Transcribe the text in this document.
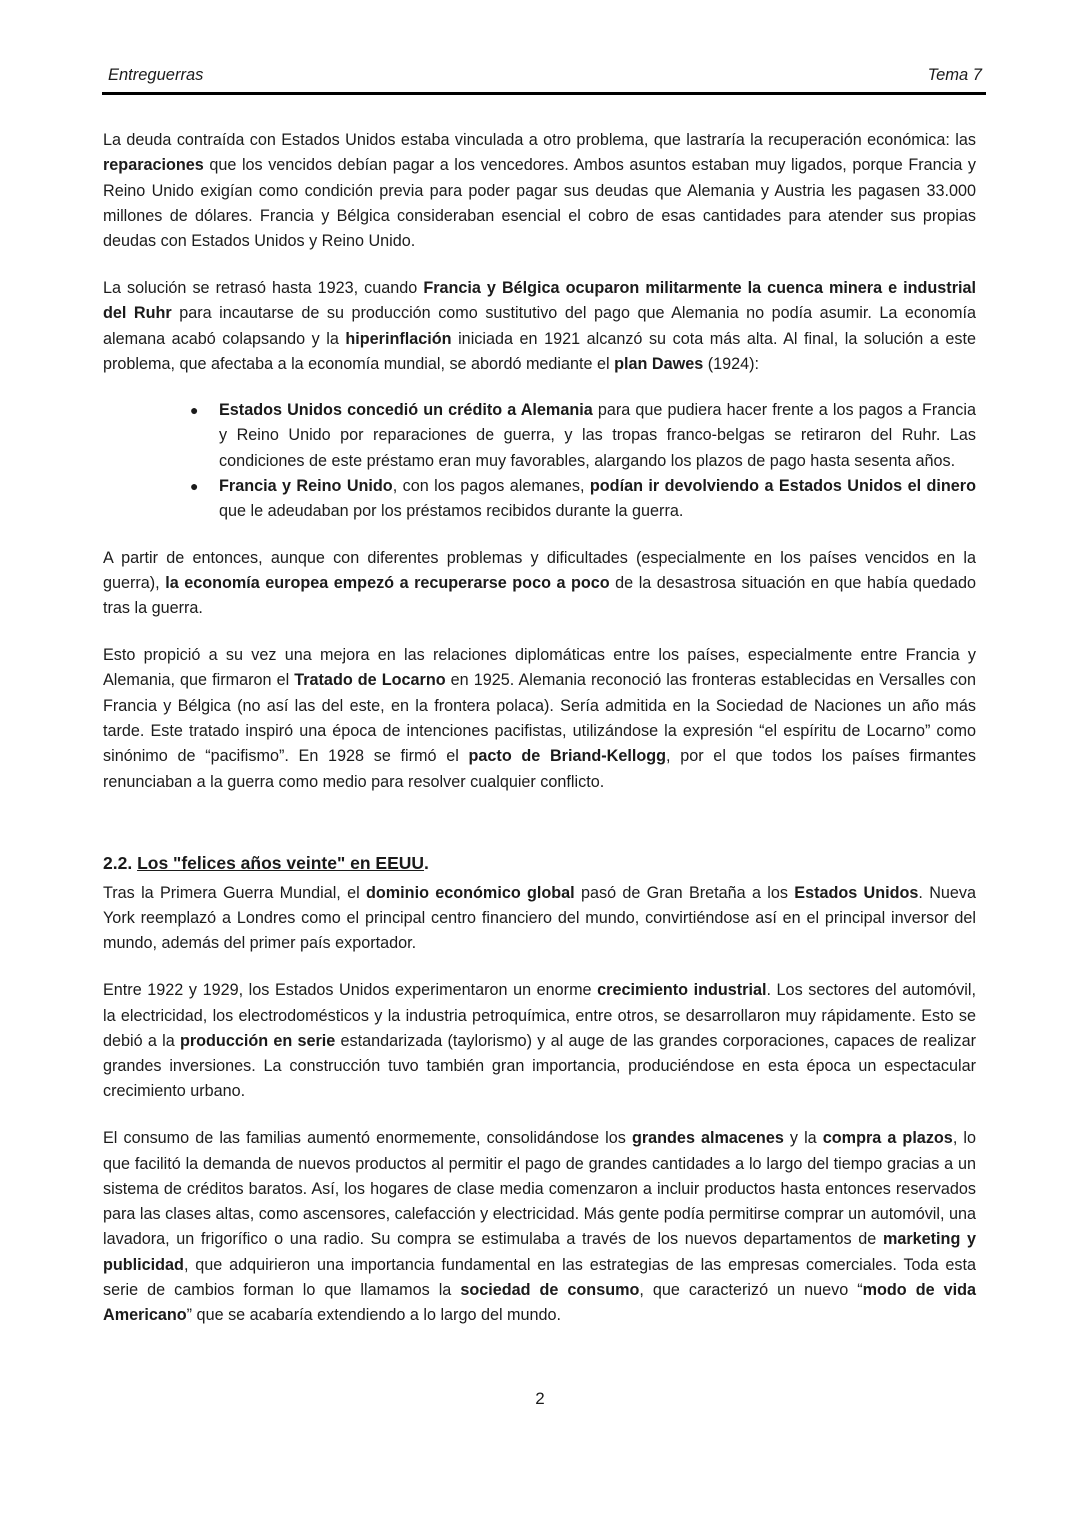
Entreguerras	Tema 7

La deuda contraída con Estados Unidos estaba vinculada a otro problema, que lastraría la recuperación económica: las reparaciones que los vencidos debían pagar a los vencedores. Ambos asuntos estaban muy ligados, porque Francia y Reino Unido exigían como condición previa para poder pagar sus deudas que Alemania y Austria les pagasen 33.000 millones de dólares. Francia y Bélgica consideraban esencial el cobro de esas cantidades para atender sus propias deudas con Estados Unidos y Reino Unido.

La solución se retrasó hasta 1923, cuando Francia y Bélgica ocuparon militarmente la cuenca minera e industrial del Ruhr para incautarse de su producción como sustitutivo del pago que Alemania no podía asumir. La economía alemana acabó colapsando y la hiperinflación iniciada en 1921 alcanzó su cota más alta. Al final, la solución a este problema, que afectaba a la economía mundial, se abordó mediante el plan Dawes (1924):

● Estados Unidos concedió un crédito a Alemania para que pudiera hacer frente a los pagos a Francia y Reino Unido por reparaciones de guerra, y las tropas franco-belgas se retiraron del Ruhr. Las condiciones de este préstamo eran muy favorables, alargando los plazos de pago hasta sesenta años.
● Francia y Reino Unido, con los pagos alemanes, podían ir devolviendo a Estados Unidos el dinero que le adeudaban por los préstamos recibidos durante la guerra.

A partir de entonces, aunque con diferentes problemas y dificultades (especialmente en los países vencidos en la guerra), la economía europea empezó a recuperarse poco a poco de la desastrosa situación en que había quedado tras la guerra.

Esto propició a su vez una mejora en las relaciones diplomáticas entre los países, especialmente entre Francia y Alemania, que firmaron el Tratado de Locarno en 1925. Alemania reconoció las fronteras establecidas en Versalles con Francia y Bélgica (no así las del este, en la frontera polaca). Sería admitida en la Sociedad de Naciones un año más tarde. Este tratado inspiró una época de intenciones pacifistas, utilizándose la expresión “el espíritu de Locarno” como sinónimo de “pacifismo”. En 1928 se firmó el pacto de Briand-Kellogg, por el que todos los países firmantes renunciaban a la guerra como medio para resolver cualquier conflicto.

2.2. Los "felices años veinte" en EEUU.

Tras la Primera Guerra Mundial, el dominio económico global pasó de Gran Bretaña a los Estados Unidos. Nueva York reemplazó a Londres como el principal centro financiero del mundo, convirtiéndose así en el principal inversor del mundo, además del primer país exportador.

Entre 1922 y 1929, los Estados Unidos experimentaron un enorme crecimiento industrial. Los sectores del automóvil, la electricidad, los electrodomésticos y la industria petroquímica, entre otros, se desarrollaron muy rápidamente. Esto se debió a la producción en serie estandarizada (taylorismo) y al auge de las grandes corporaciones, capaces de realizar grandes inversiones. La construcción tuvo también gran importancia, produciéndose en esta época un espectacular crecimiento urbano.

El consumo de las familias aumentó enormemente, consolidándose los grandes almacenes y la compra a plazos, lo que facilitó la demanda de nuevos productos al permitir el pago de grandes cantidades a lo largo del tiempo gracias a un sistema de créditos baratos. Así, los hogares de clase media comenzaron a incluir productos hasta entonces reservados para las clases altas, como ascensores, calefacción y electricidad. Más gente podía permitirse comprar un automóvil, una lavadora, un frigorífico o una radio. Su compra se estimulaba a través de los nuevos departamentos de marketing y publicidad, que adquirieron una importancia fundamental en las estrategias de las empresas comerciales. Toda esta serie de cambios forman lo que llamamos la sociedad de consumo, que caracterizó un nuevo “modo de vida Americano” que se acabaría extendiendo a lo largo del mundo.

2
